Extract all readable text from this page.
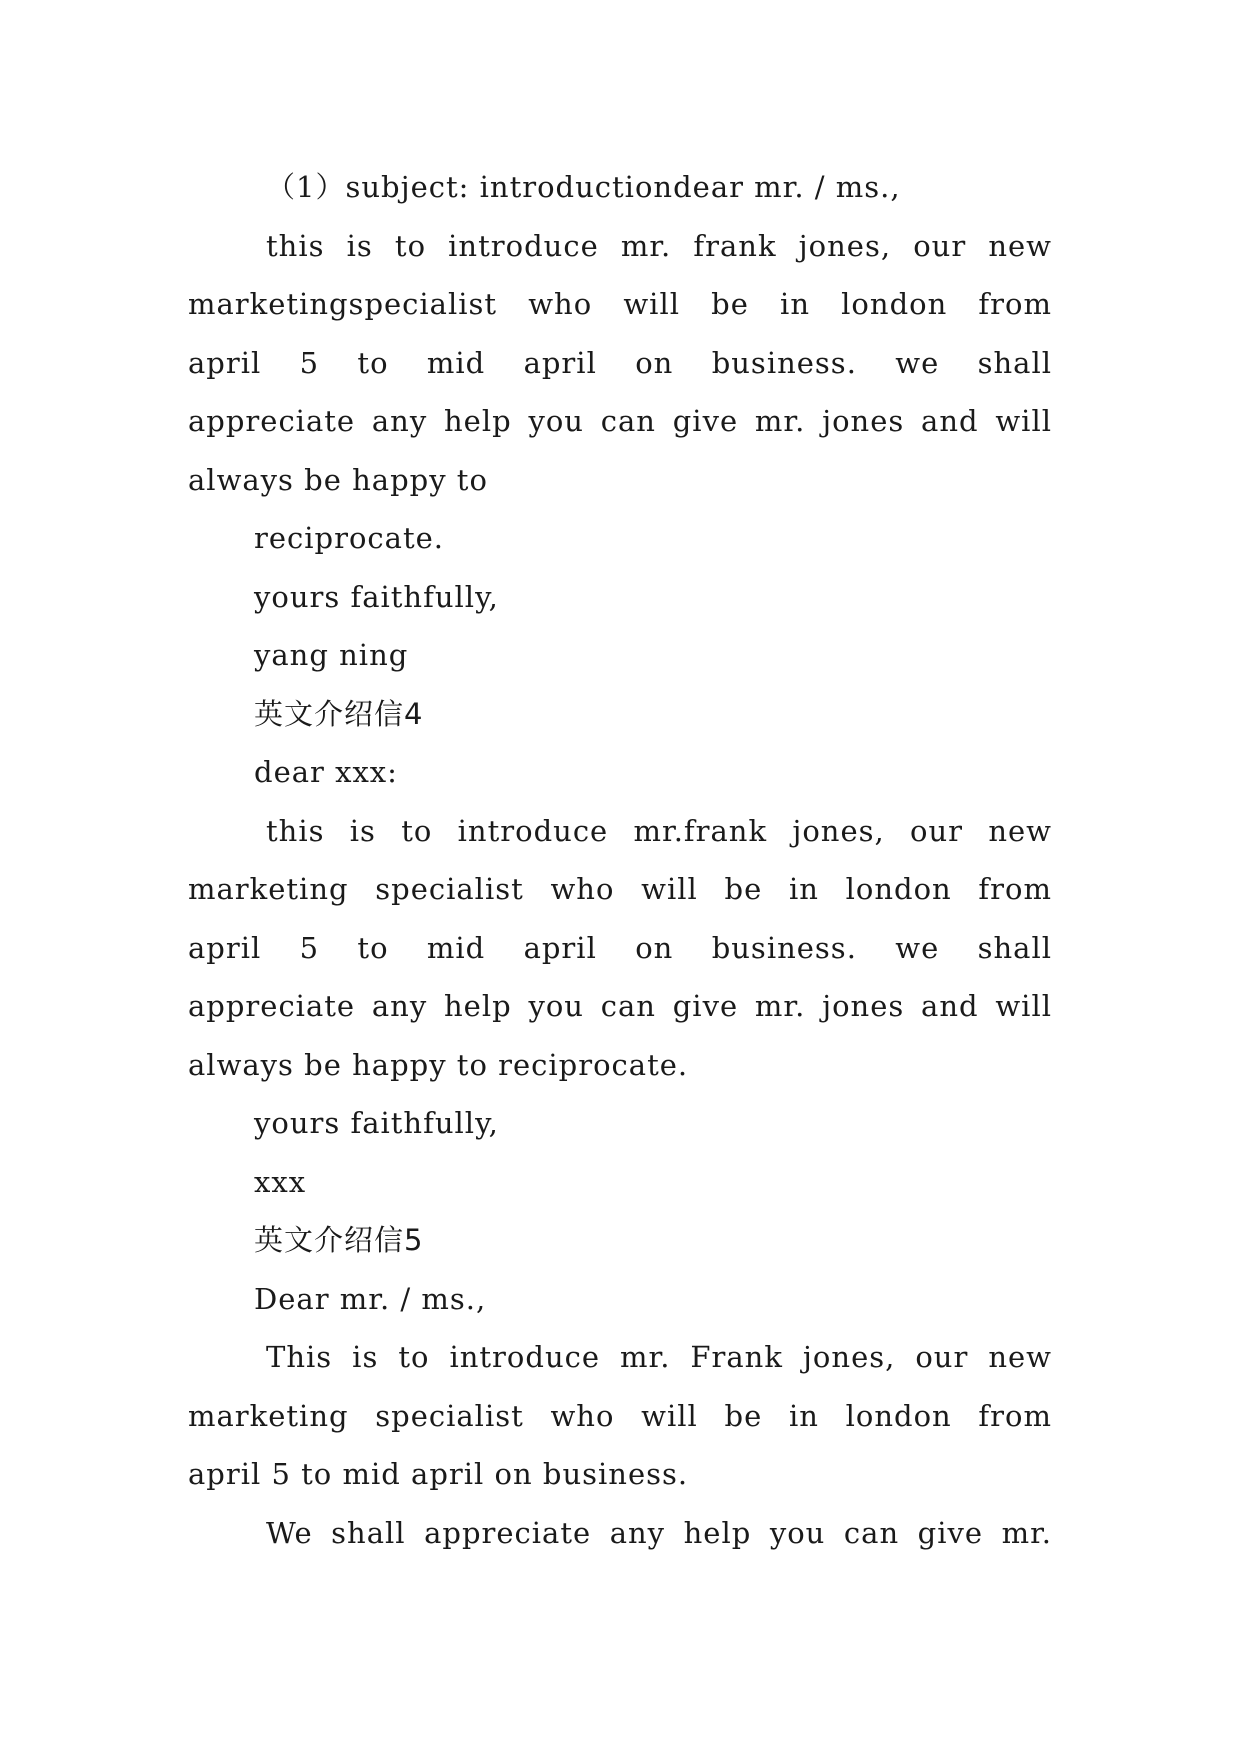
（1）subject: introductiondear mr. / ms.,
this is to introduce mr. frank jones, our new
marketingspecialist who will be in london from
april 5 to mid april on business. we shall
appreciate any help you can give mr. jones and will
always be happy to
reciprocate.
yours faithfully,
yang ning
英文介绍信4
dear xxx:
this is to introduce mr.frank jones, our new
marketing specialist who will be in london from
april 5 to mid april on business. we shall
appreciate any help you can give mr. jones and will
always be happy to reciprocate.
yours faithfully,
xxx
英文介绍信5
Dear mr. / ms.,
This is to introduce mr. Frank jones, our new
marketing specialist who will be in london from
april 5 to mid april on business.
We shall appreciate any help you can give mr.
